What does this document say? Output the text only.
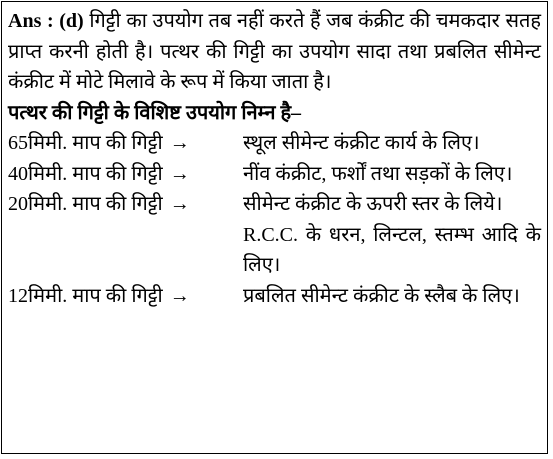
Ans : (d) गिट्टी का उपयोग तब नहीं करते हैं जब कंक्रीट की चमकदार सतह प्राप्त करनी होती है। पत्थर की गिट्टी का उपयोग सादा तथा प्रबलित सीमेन्ट कंक्रीट में मोटे मिलावे के रूप में किया जाता है।

पत्थर की गिट्टी के विशिष्ट उपयोग निम्न है–

65मिमी. माप की गिट्टी →	स्थूल सीमेन्ट कंक्रीट कार्य के लिए।
40मिमी. माप की गिट्टी →	नींव कंक्रीट, फर्शों तथा सड़कों के लिए।
20मिमी. माप की गिट्टी →	सीमेन्ट कंक्रीट के ऊपरी स्तर के लिये।
R.C.C. के धरन, लिन्टल, स्तम्भ आदि के लिए।
12मिमी. माप की गिट्टी →	प्रबलित सीमेन्ट कंक्रीट के स्लैब के लिए।
